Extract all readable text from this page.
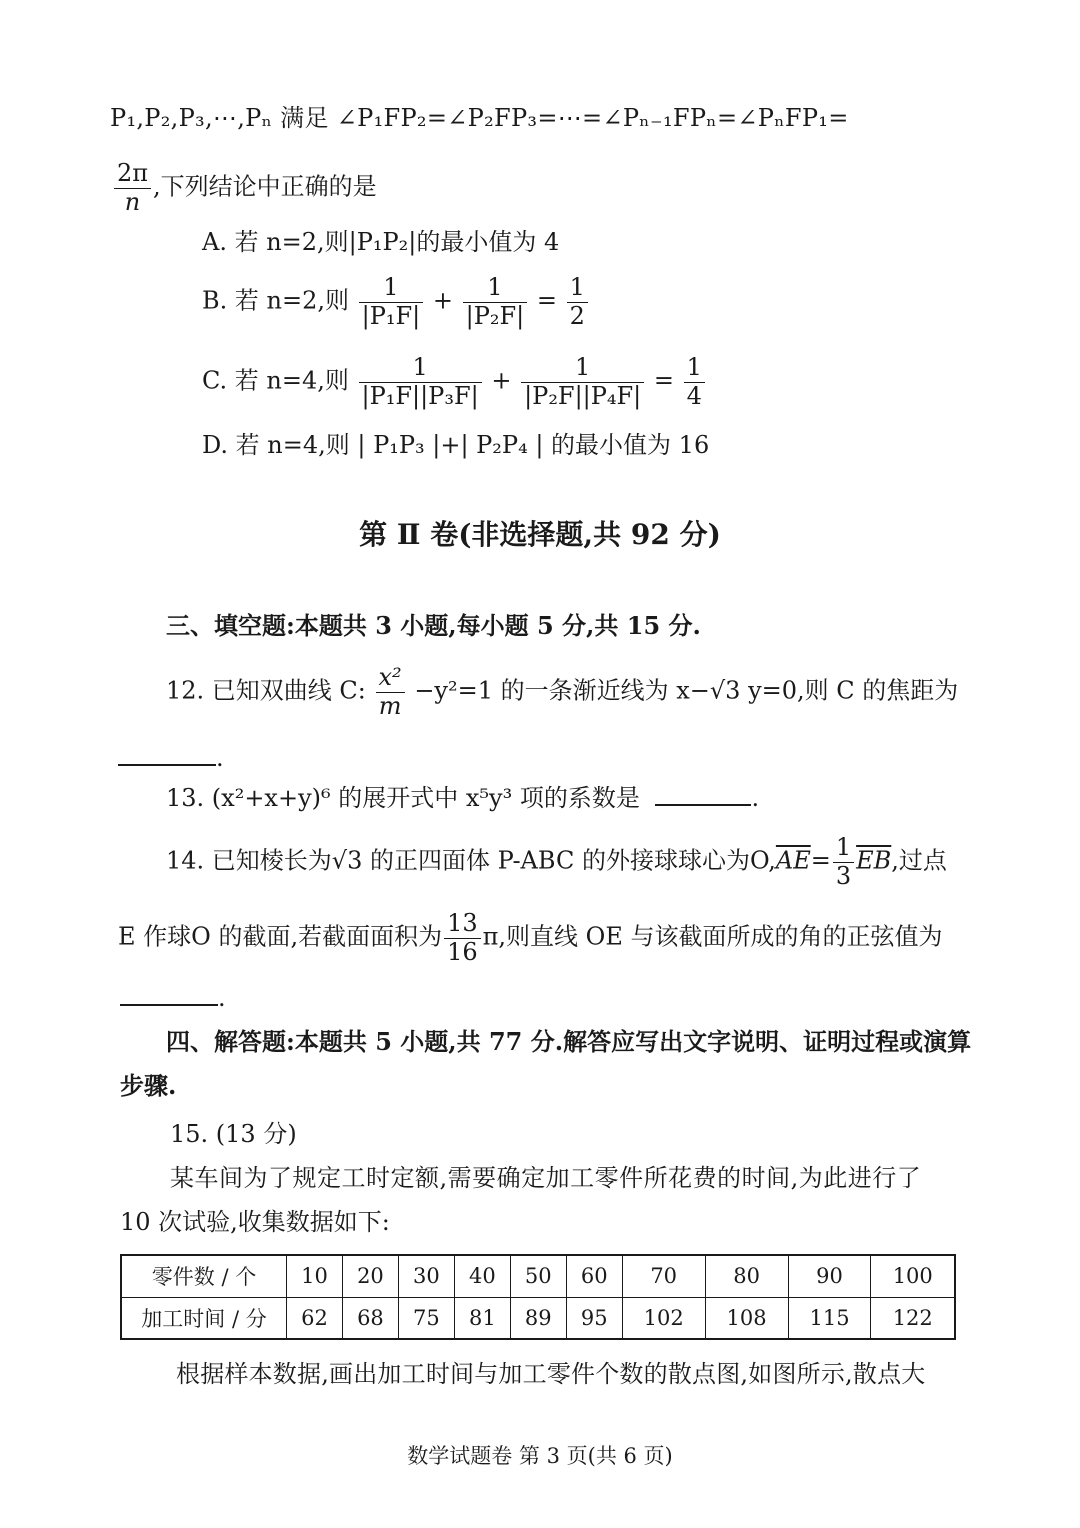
P₁,P₂,P₃,⋯,Pₙ 满足 ∠P₁FP₂=∠P₂FP₃=⋯=∠Pₙ₋₁FPₙ=∠PₙFP₁=
$\frac{2\pi}{n}$ ,下列结论中正确的是
A. 若 n=2,则|P₁P₂|的最小值为 4
B. 若 n=2,则 $\frac{1}{\text{|P₁F|}} + \frac{1}{\text{|P₂F|}} = \frac{1}{2}$
C. 若 n=4,则 $\frac{1}{\text{|P₁F||P₃F|}} + \frac{1}{\text{|P₂F||P₄F|}} = \frac{1}{4}$
D. 若 n=4,则 | P₁P₃ |+| P₂P₄ | 的最小值为 16
第 Ⅱ 卷(非选择题,共 92 分)
三、填空题:本题共 3 小题,每小题 5 分,共 15 分.
12. 已知双曲线 C: $\frac{\text{x²}}{m} -y^2=1$ 的一条渐近线为 x−√3 y=0,则 C 的焦距为
.
13. (x²+x+y)⁶ 的展开式中 x⁵y³ 项的系数是	.
14. 已知棱长为√3 的正四面体 P-ABC 的外接球球心为$O,\overline{AE}= \frac{1}{3} \overline{EB}$,过点
E 作球O 的截面,若截面面积为 $\frac{13}{16} \pi$,则直线 OE 与该截面所成的角的正弦值为
.
四、解答题:本题共 5 小题,共 77 分.解答应写出文字说明、证明过程或演算
步骤.
15. (13 分)
某车间为了规定工时定额,需要确定加工零件所花费的时间,为此进行了
10 次试验,收集数据如下:
零件数 / 个	10	20	30	40	50	60	70	80	90	100
加工时间 / 分	62	68	75	81	89	95	102	108	115	122
根据样本数据,画出加工时间与加工零件个数的散点图,如图所示,散点大
数学试题卷 第 3 页(共 6 页)
